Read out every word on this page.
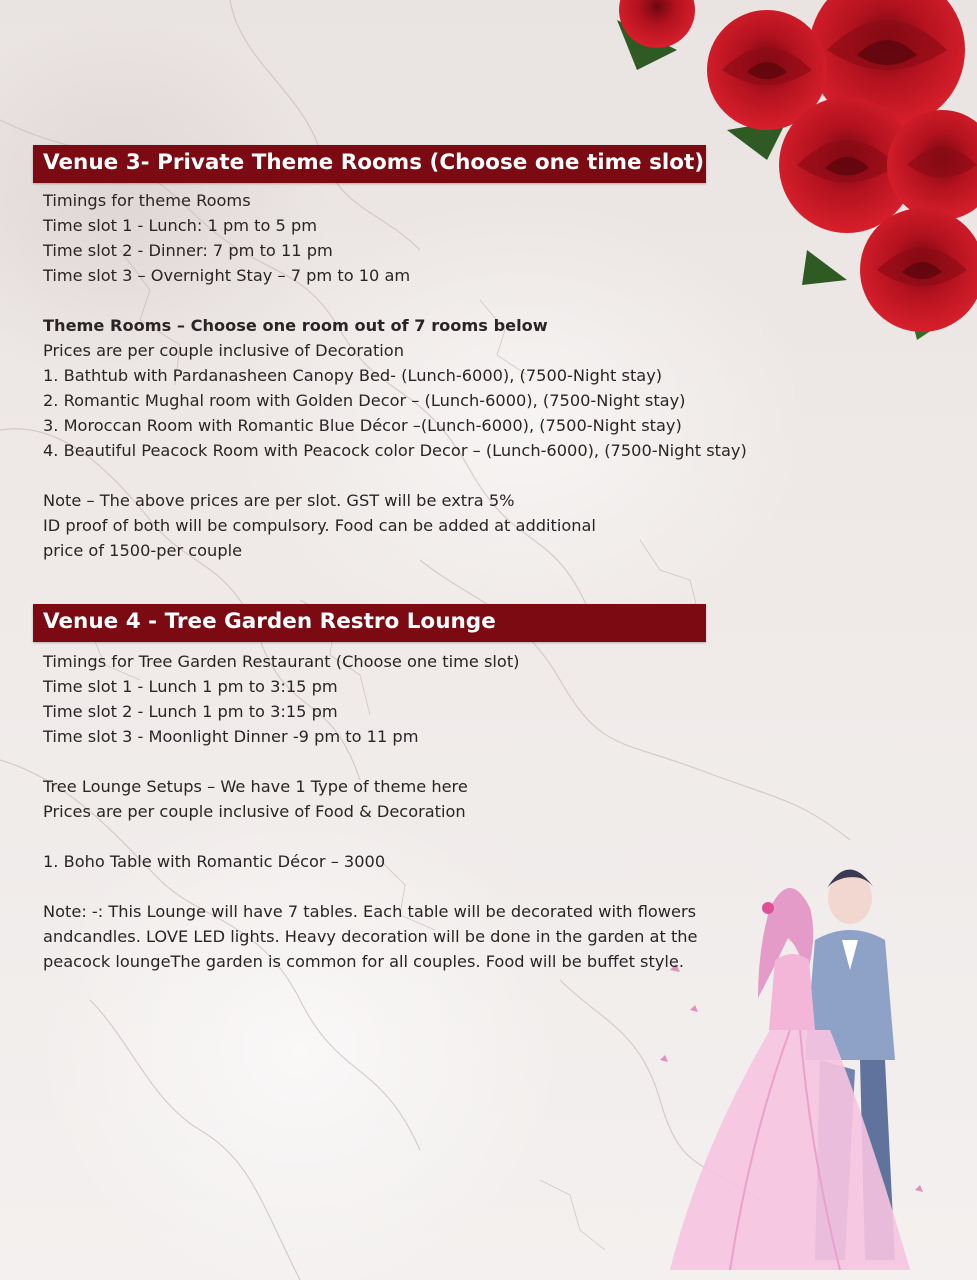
Venue 3- Private Theme Rooms (Choose one time slot)
Timings for theme Rooms
Time slot 1 - Lunch: 1 pm to 5 pm
Time slot 2 - Dinner: 7 pm to 11 pm
Time slot 3 – Overnight Stay – 7 pm to 10 am
Theme Rooms – Choose one room out of 7 rooms below
Prices are per couple inclusive of Decoration
1. Bathtub with Pardanasheen Canopy Bed- (Lunch-6000), (7500-Night stay)
2. Romantic Mughal room with Golden Decor – (Lunch-6000), (7500-Night stay)
3. Moroccan Room with Romantic Blue Décor –(Lunch-6000), (7500-Night stay)
4. Beautiful Peacock Room with Peacock color Decor – (Lunch-6000), (7500-Night stay)
Note – The above prices are per slot. GST will be extra 5%
ID proof of both will be compulsory. Food can be added at additional
price of 1500-per couple
Venue 4 - Tree Garden Restro Lounge
Timings for Tree Garden Restaurant (Choose one time slot)
Time slot 1 - Lunch 1 pm to 3:15 pm
Time slot 2 - Lunch 1 pm to 3:15 pm
Time slot 3 - Moonlight Dinner -9 pm to 11 pm
Tree Lounge Setups – We have 1 Type of theme here
Prices are per couple inclusive of Food & Decoration
1. Boho Table with Romantic Décor – 3000
Note: -: This Lounge will have 7 tables. Each table will be decorated with flowers
andcandles. LOVE LED lights. Heavy decoration will be done in the garden at the
peacock loungeThe garden is common for all couples. Food will be buffet style.
